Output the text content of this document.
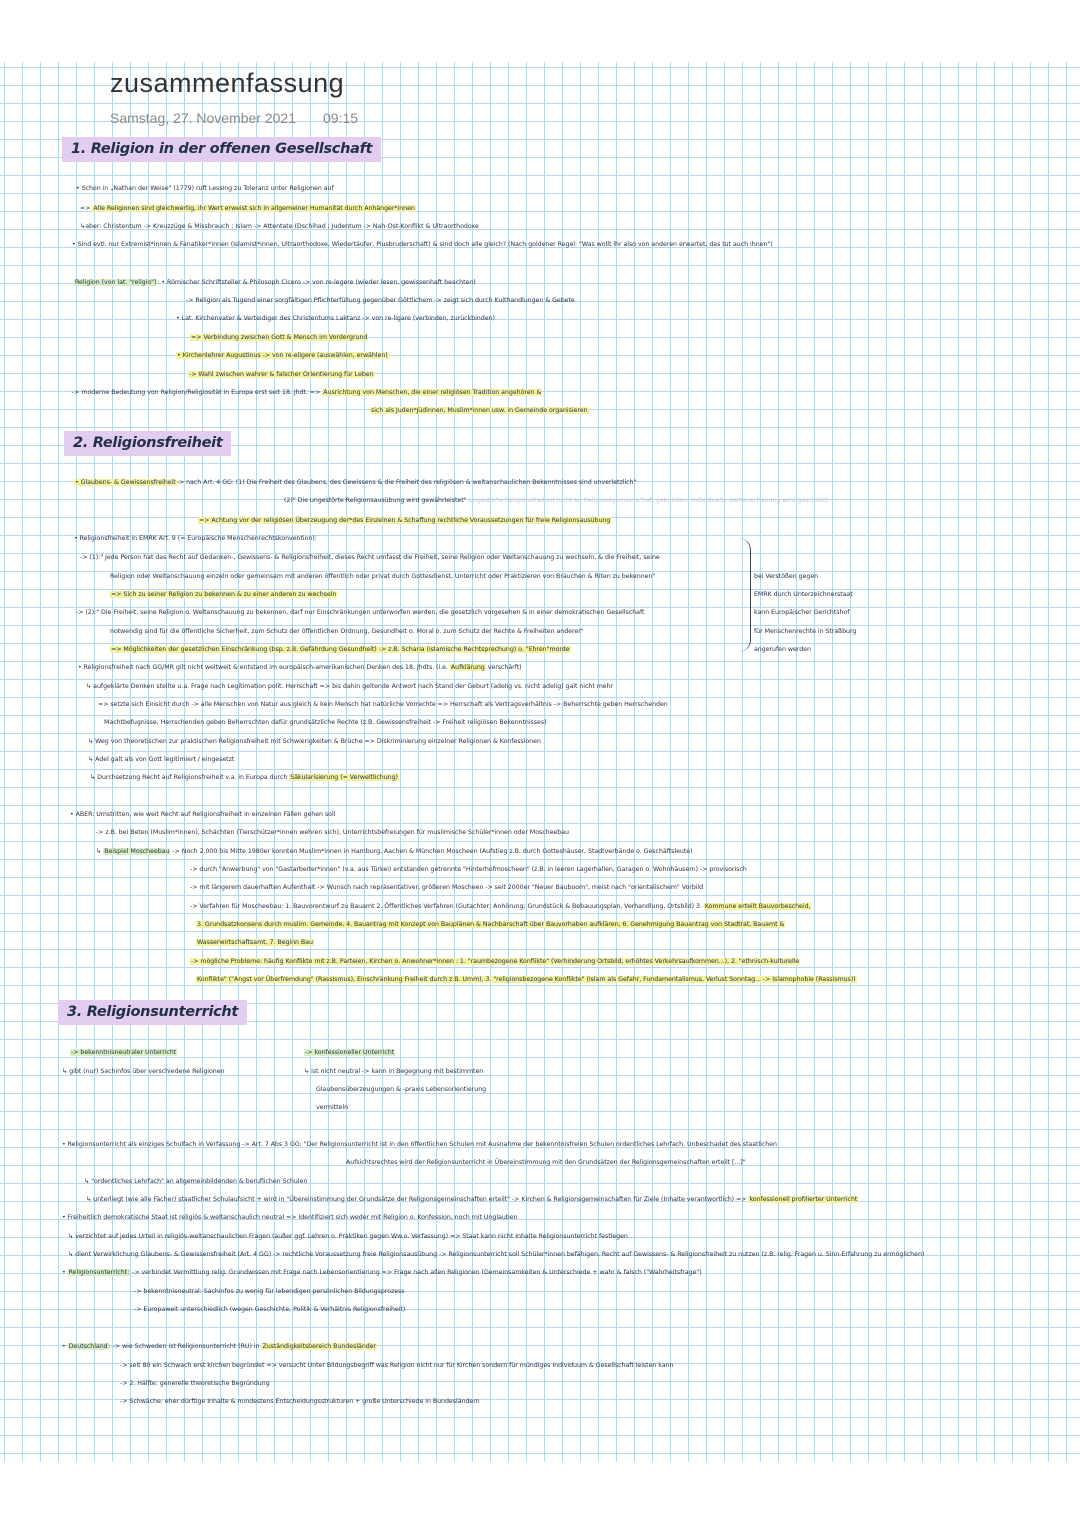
zusammenfassung
Samstag, 27. November 2021 09:15
1. Religion in der offenen Gesellschaft
• Schon in „Nathan der Weise" (1779) ruft Lessing zu Toleranz unter Religionen auf
=> Alle Religionen sind gleichwertig, ihr Wert erweist sich in allgemeiner Humanität durch Anhänger*innen
↳aber: Christentum -> Kreuzzüge & Missbrauch ; Islam -> Attentate (Dschihad ; Judentum -> Nah-Ost-Konflikt & Ultraorthodoxe
• Sind evtl. nur Extremist*innen & Fanatiker*innen (Islamist*innen, Ultraorthodoxe, Wiedertäufer, Piusbruderschaft) & sind doch alle gleich? (Nach goldener Regel: "Was wollt ihr also von anderen erwartet, das tut auch ihnen")
Religion (von lat. "religio"): • Römischer Schriftsteller & Philosoph Cicero -> von re-legere (wieder lesen, gewissenhaft beachten)
-> Religion als Tugend einer sorgfältigen Pflichterfüllung gegenüber Göttlichem -> zeigt sich durch Kulthandlungen & Gebete
• Lat. Kirchenvater & Verteidiger des Christentums Laktanz -> von re-ligare (verbinden, zurückbinden)
=> Verbindung zwischen Gott & Mensch im Vordergrund
• Kirchenlehrer Augustinus -> von re-eligere (auswählen, erwählen)
-> Wahl zwischen wahrer & falscher Orientierung für Leben
-> moderne Bedeutung von Religion/Religiosität in Europa erst seit 18. Jhdt. => Ausrichtung von Menschen, die einer religiösen Tradition angehören &
sich als Juden*Jüdinnen, Muslim*innen usw. in Gemeinde organisieren
2. Religionsfreiheit
• Glaubens- & Gewissensfreiheit-> nach Art. 4 GG: (1) Die Freiheit des Glaubens, des Gewissens & die Freiheit des religiösen & weltanschaulichen Bekenntnisses sind unverletzlich"
(2)" Die ungestörte Religionsausübung wird gewährleistet" Ungestörte Religionsfreiheit nicht an Religionsgemeinschaft gebunden; individuelle Weltanschauung wird geschützt
=> Achtung vor der religiösen Überzeugung der*des Einzelnen & Schaffung rechtliche Voraussetzungen für freie Religionsausübung
• Religionsfreiheit in EMRK Art. 9 (= Europäische Menschenrechtskonvention):
-> (1):" Jede Person hat das Recht auf Gedanken-, Gewissens- & Religionsfreiheit, dieses Recht umfasst die Freiheit, seine Religion oder Weltanschauung zu wechseln, & die Freiheit, seine
Religion oder Weltanschauung einzeln oder gemeinsam mit anderen öffentlich oder privat durch Gottesdienst, Unterricht oder Praktizieren von Bräuchen & Riten zu bekennen"
=> Sich zu seiner Religion zu bekennen & zu einer anderen zu wechseln
-> (2):" Die Freiheit, seine Religion o. Weltanschauung zu bekennen, darf nur Einschränkungen unterworfen werden, die gesetzlich vorgesehen & in einer demokratischen Gesellschaft
notwendig sind für die öffentliche Sicherheit, zum Schutz der öffentlichen Ordnung, Gesundheit o. Moral o. zum Schutz der Rechte & Freiheiten anderer"
=> Möglichkeiten der gesetzlichen Einschränkung (bsp. z.B. Gefährdung Gesundheit) -> z.B. Scharia (islamische Rechtsprechung) o. "Ehren"morde
• Religionsfreiheit nach GG/MR gilt nicht weltweit & entstand im europäisch-amerikanischen Denken des 18. Jhdts. (i.e. Aufklärung verschärft)
↳ aufgeklärte Denken stellte u.a. Frage nach Legitimation polit. Herrschaft => bis dahin geltende Antwort nach Stand der Geburt (adelig vs. nicht adelig) galt nicht mehr
=> setzte sich Einsicht durch -> alle Menschen von Natur aus gleich & kein Mensch hat natürliche Vorrechte => Herrschaft als Vertragsverhältnis -> Beherrschte geben Herrschenden
Machtbefugnisse, Herrschenden geben Beherrschten dafür grundsätzliche Rechte (z.B. Gewissensfreiheit -> Freiheit religiösen Bekenntnisses)
↳ Weg von theoretischen zur praktischen Religionsfreiheit mit Schwierigkeiten & Brüche => Diskriminierung einzelner Religionen & Konfessionen
↳ Adel galt als von Gott legitimiert / eingesetzt
↳ Durchsetzung Recht auf Religionsfreiheit v.a. in Europa durch Säkularisierung (= Verweltlichung)
bei Verstößen gegen
EMRK durch Unterzeichnerstaat
kann Europäischer Gerichtshof
für Menschenrechte in Straßburg
angerufen werden
• ABER: Umstritten, wie weit Recht auf Religionsfreiheit in einzelnen Fällen gehen soll
-> z.B. bei Beten (Muslim*innen), Schächten (Tierschützer*innen wehren sich), Unterrichtsbefreiungen für muslimische Schüler*innen oder Moscheebau
↳ Beispiel Moscheebau -> Noch 2.000 bis Mitte 1980er konnten Muslim*innen in Hamburg, Aachen & München Moscheen (Aufstieg z.B. durch Gotteshäuser, Stadtverbände o. Geschäftsleute)
-> durch "Anwerbung" von "Gastarbeiter*innen" (v.a. aus Türkei) entstanden getrennte "Hinterhofmoscheen" (z.B. in leeren Lagerhallen, Garagen o. Wohnhäusern) -> provisorisch
-> mit längerem dauerhaften Aufenthalt -> Wunsch nach repräsentativer, größeren Moscheen -> seit 2000er "Neuer Bauboom", meist nach "orientalischem" Vorbild
-> Verfahren für Moscheebau: 1. Bauvorentwurf zu Bauamt 2. Öffentliches Verfahren (Gutachter; Anhörung; Grundstück & Bebauungsplan, Verhandlung, Ortsbild) 3. Kommune erteilt Bauvorbescheid,
3. Grundsatzkonsens durch muslim. Gemeinde, 4. Bauantrag mit Konzept von Bauplänen & Nachbarschaft über Bauvorhaben aufklären, 6. Genehmigung Bauantrag von Stadtrat, Bauamt &
Wasserwirtschaftsamt, 7. Beginn Bau
-> mögliche Probleme: häufig Konflikte mit z.B. Parteien, Kirchen o. Anwohner*innen : 1. "raumbezogene Konflikte" (Verhinderung Ortsbild, erhöhtes Verkehrsaufkommen...), 2. "ethnisch-kulturelle
Konflikte" ("Angst vor Überfremdung" (Rassismus), Einschränkung Freiheit durch z.B. Umm), 3. "religionsbezogene Konflikte" (Islam als Gefahr, Fundamentalismus, Verlust Sonntag... -> Islamophobie (Rassismus))
3. Religionsunterricht
-> bekenntnisneutraler Unterricht
↳ gibt (nur) Sachinfos über verschiedene Religionen
-> konfessioneller Unterricht
↳ ist nicht neutral -> kann in Begegnung mit bestimmten
Glaubensüberzeugungen & -praxis Lebensorientierung
vermitteln
• Religionsunterricht als einziges Schulfach in Verfassung -> Art. 7 Abs 3 GG: "Der Religionsunterricht ist in den öffentlichen Schulen mit Ausnahme der bekenntnisfreien Schulen ordentliches Lehrfach. Unbeschadet des staatlichen
Aufsichtsrechtes wird der Religionsunterricht in Übereinstimmung mit den Grundsätzen der Religionsgemeinschaften erteilt [...]"
↳ "ordentliches Lehrfach" an allgemeinbildenden & beruflichen Schulen
↳ unterliegt (wie alle Fächer) staatlicher Schulaufsicht + wird in "Übereinstimmung der Grundsätze der Religionsgemeinschaften erteilt" -> Kirchen & Religionsgemeinschaften für Ziele (Inhalte verantwortlich) => konfessionell profilierter Unterricht
• Freiheitlich demokratische Staat ist religiös & weltanschaulich neutral => Identifiziert sich weder mit Religion o. Konfession, noch mit Unglauben
↳ verzichtet auf jedes Urteil in religiös-weltanschaulichen Fragen (außer ggf. Lehren o. Praktiken gegen Ww.o. Verfassung) => Staat kann nicht Inhalte Religionsunterricht festlegen
↳ dient Verwirklichung Glaubens- & Gewissensfreiheit (Art. 4 GG) -> rechtliche Voraussetzung freie Religionsausübung -> Religionsunterricht soll Schüler*innen befähigen, Recht auf Gewissens- & Religionsfreiheit zu nutzen (z.B. relig. Fragen u. Sinn-Erfahrung zu ermöglichen)
• Religionsunterricht: -> verbindet Vermittlung relig. Grundwissen mit Frage nach Lebensorientierung => Frage nach allen Religionen (Gemeinsamkeiten & Unterschiede + wahr & falsch ("Wahrheitsfrage")
-> bekenntnisneutral: Sachinfos zu wenig für lebendigen persönlichen Bildungsprozess
-> Europaweit unterschiedlich (wegen Geschichte, Politik & Verhältnis Religionsfreiheit)
• Deutschland: -> wie Schweden ist Religionsunterricht (RU) in Zuständigkeitsbereich Bundesländer
-> seit 80 ein Schwach erst kirchen begründet => versucht Unter Bildungsbegriff was Religion nicht nur für Kirchen sondern für mündiges Individuum & Gesellschaft leisten kann
-> 2. Hälfte: generelle theoretische Begründung
-> Schwäche: eher dürftige Inhalte & mindestens Entscheidungsstrukturen + große Unterschiede in Bundesländern
